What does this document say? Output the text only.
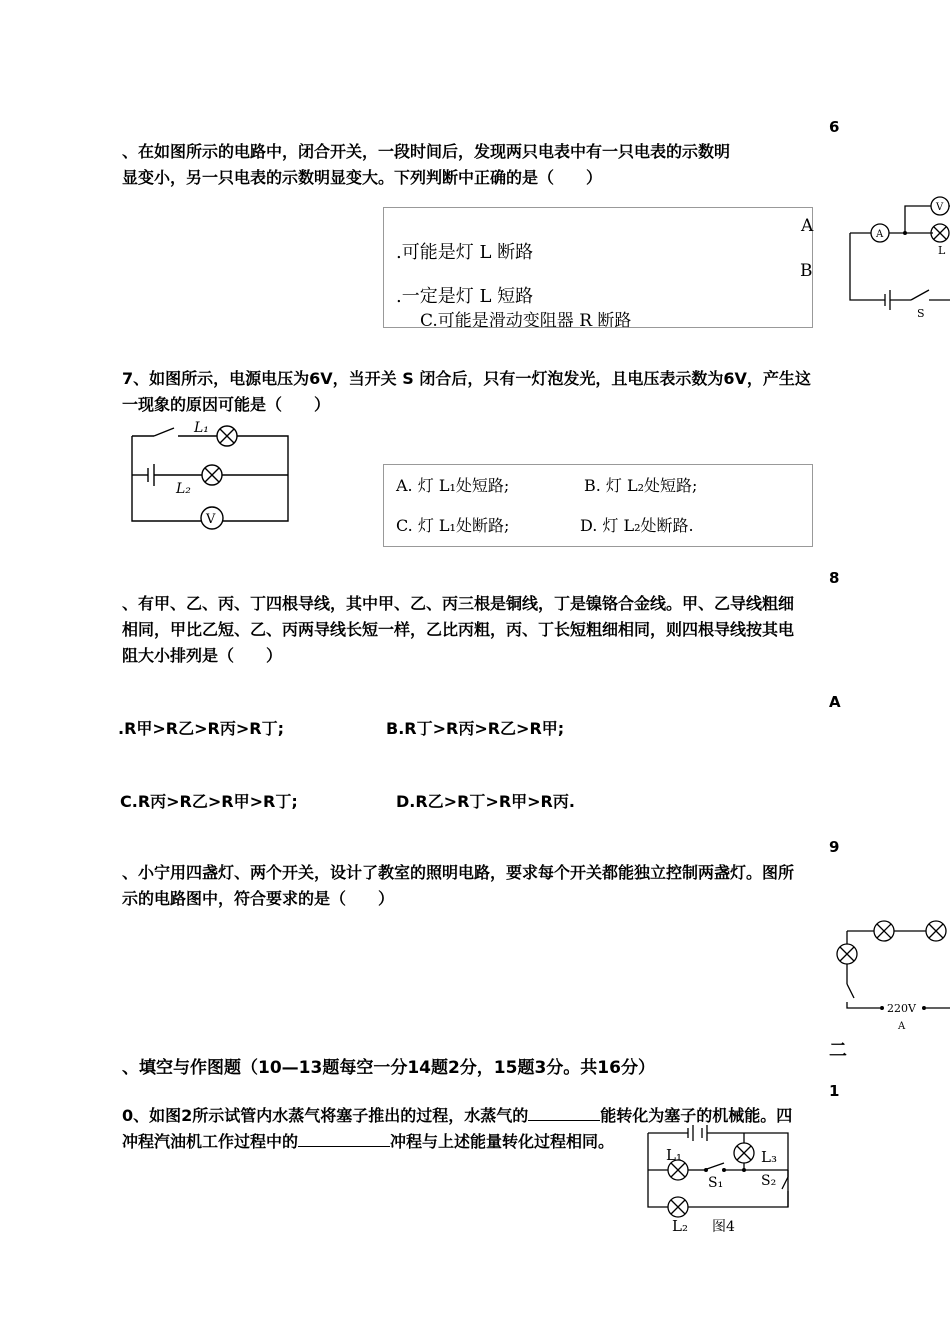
6
、在如图所示的电路中，闭合开关，一段时间后，发现两只电表中有一只电表的示数明
显变小，另一只电表的示数明显变大。下列判断中正确的是（　　）
.可能是灯 L 断路
.一定是灯 L 短路
C.可能是滑动变阻器 R 断路
A
B
A
V
L
S
7、如图所示，电源电压为6V，当开关 S 闭合后，只有一灯泡发光，且电压表示数为6V，产生这
一现象的原因可能是（　　）
L₁
L₂
V
A. 灯 L₁处短路;	B. 灯 L₂处短路;
C. 灯 L₁处断路;	D. 灯 L₂处断路.
8
、有甲、乙、丙、丁四根导线，其中甲、乙、丙三根是铜线，丁是镍铬合金线。甲、乙导线粗细
相同，甲比乙短、乙、丙两导线长短一样，乙比丙粗，丙、丁长短粗细相同，则四根导线按其电
阻大小排列是（　　）
A
.R甲>R乙>R丙>R丁;	B.R丁>R丙>R乙>R甲;
C.R丙>R乙>R甲>R丁;	D.R乙>R丁>R甲>R丙.
9
、小宁用四盏灯、两个开关，设计了教室的照明电路，要求每个开关都能独立控制两盏灯。图所
示的电路图中，符合要求的是（　　）
220V
A
二
、填空与作图题（10—13题每空一分14题2分，15题3分。共16分）
1
0、如图2所示试管内水蒸气将塞子推出的过程，水蒸气的	能转化为塞子的机械能。四
冲程汽油机工作过程中的	冲程与上述能量转化过程相同。
L₁
L₂
L₃
S₁	S₂
图4
